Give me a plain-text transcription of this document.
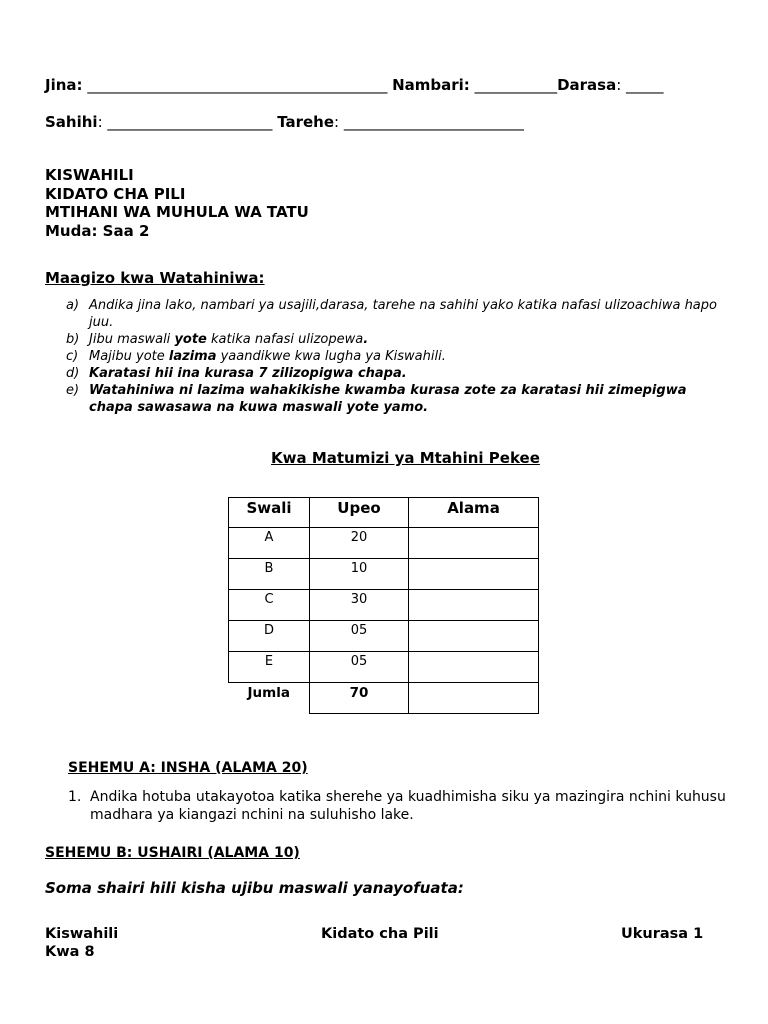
Jina: ________________________________________ Nambari: ___________Darasa: _____
Sahihi: ______________________ Tarehe: ________________________
KISWAHILI
KIDATO CHA PILI
MTIHANI WA MUHULA WA TATU
Muda: Saa 2
Maagizo kwa Watahiniwa:
a) Andika jina lako, nambari ya usajili,darasa, tarehe na sahihi yako katika nafasi ulizoachiwa hapo juu.
b) Jibu maswali yote katika nafasi ulizopewa.
c) Majibu yote lazima yaandikwe kwa lugha ya Kiswahili.
d) Karatasi hii ina kurasa 7 zilizopigwa chapa.
e) Watahiniwa ni lazima wahakikishe kwamba kurasa zote za karatasi hii zimepigwa chapa sawasawa na kuwa maswali yote yamo.
Kwa Matumizi ya Mtahini Pekee
Swali	Upeo	Alama
A	20	
B	10	
C	30	
D	05	
E	05	
Jumla	70	
SEHEMU A: INSHA (ALAMA 20)
1. Andika hotuba utakayotoa katika sherehe ya kuadhimisha siku ya mazingira nchini kuhusu madhara ya kiangazi nchini na suluhisho lake.
SEHEMU B: USHAIRI (ALAMA 10)
Soma shairi hili kisha ujibu maswali yanayofuata:
Kiswahili
Kwa 8
Kidato cha Pili	Ukurasa 1
